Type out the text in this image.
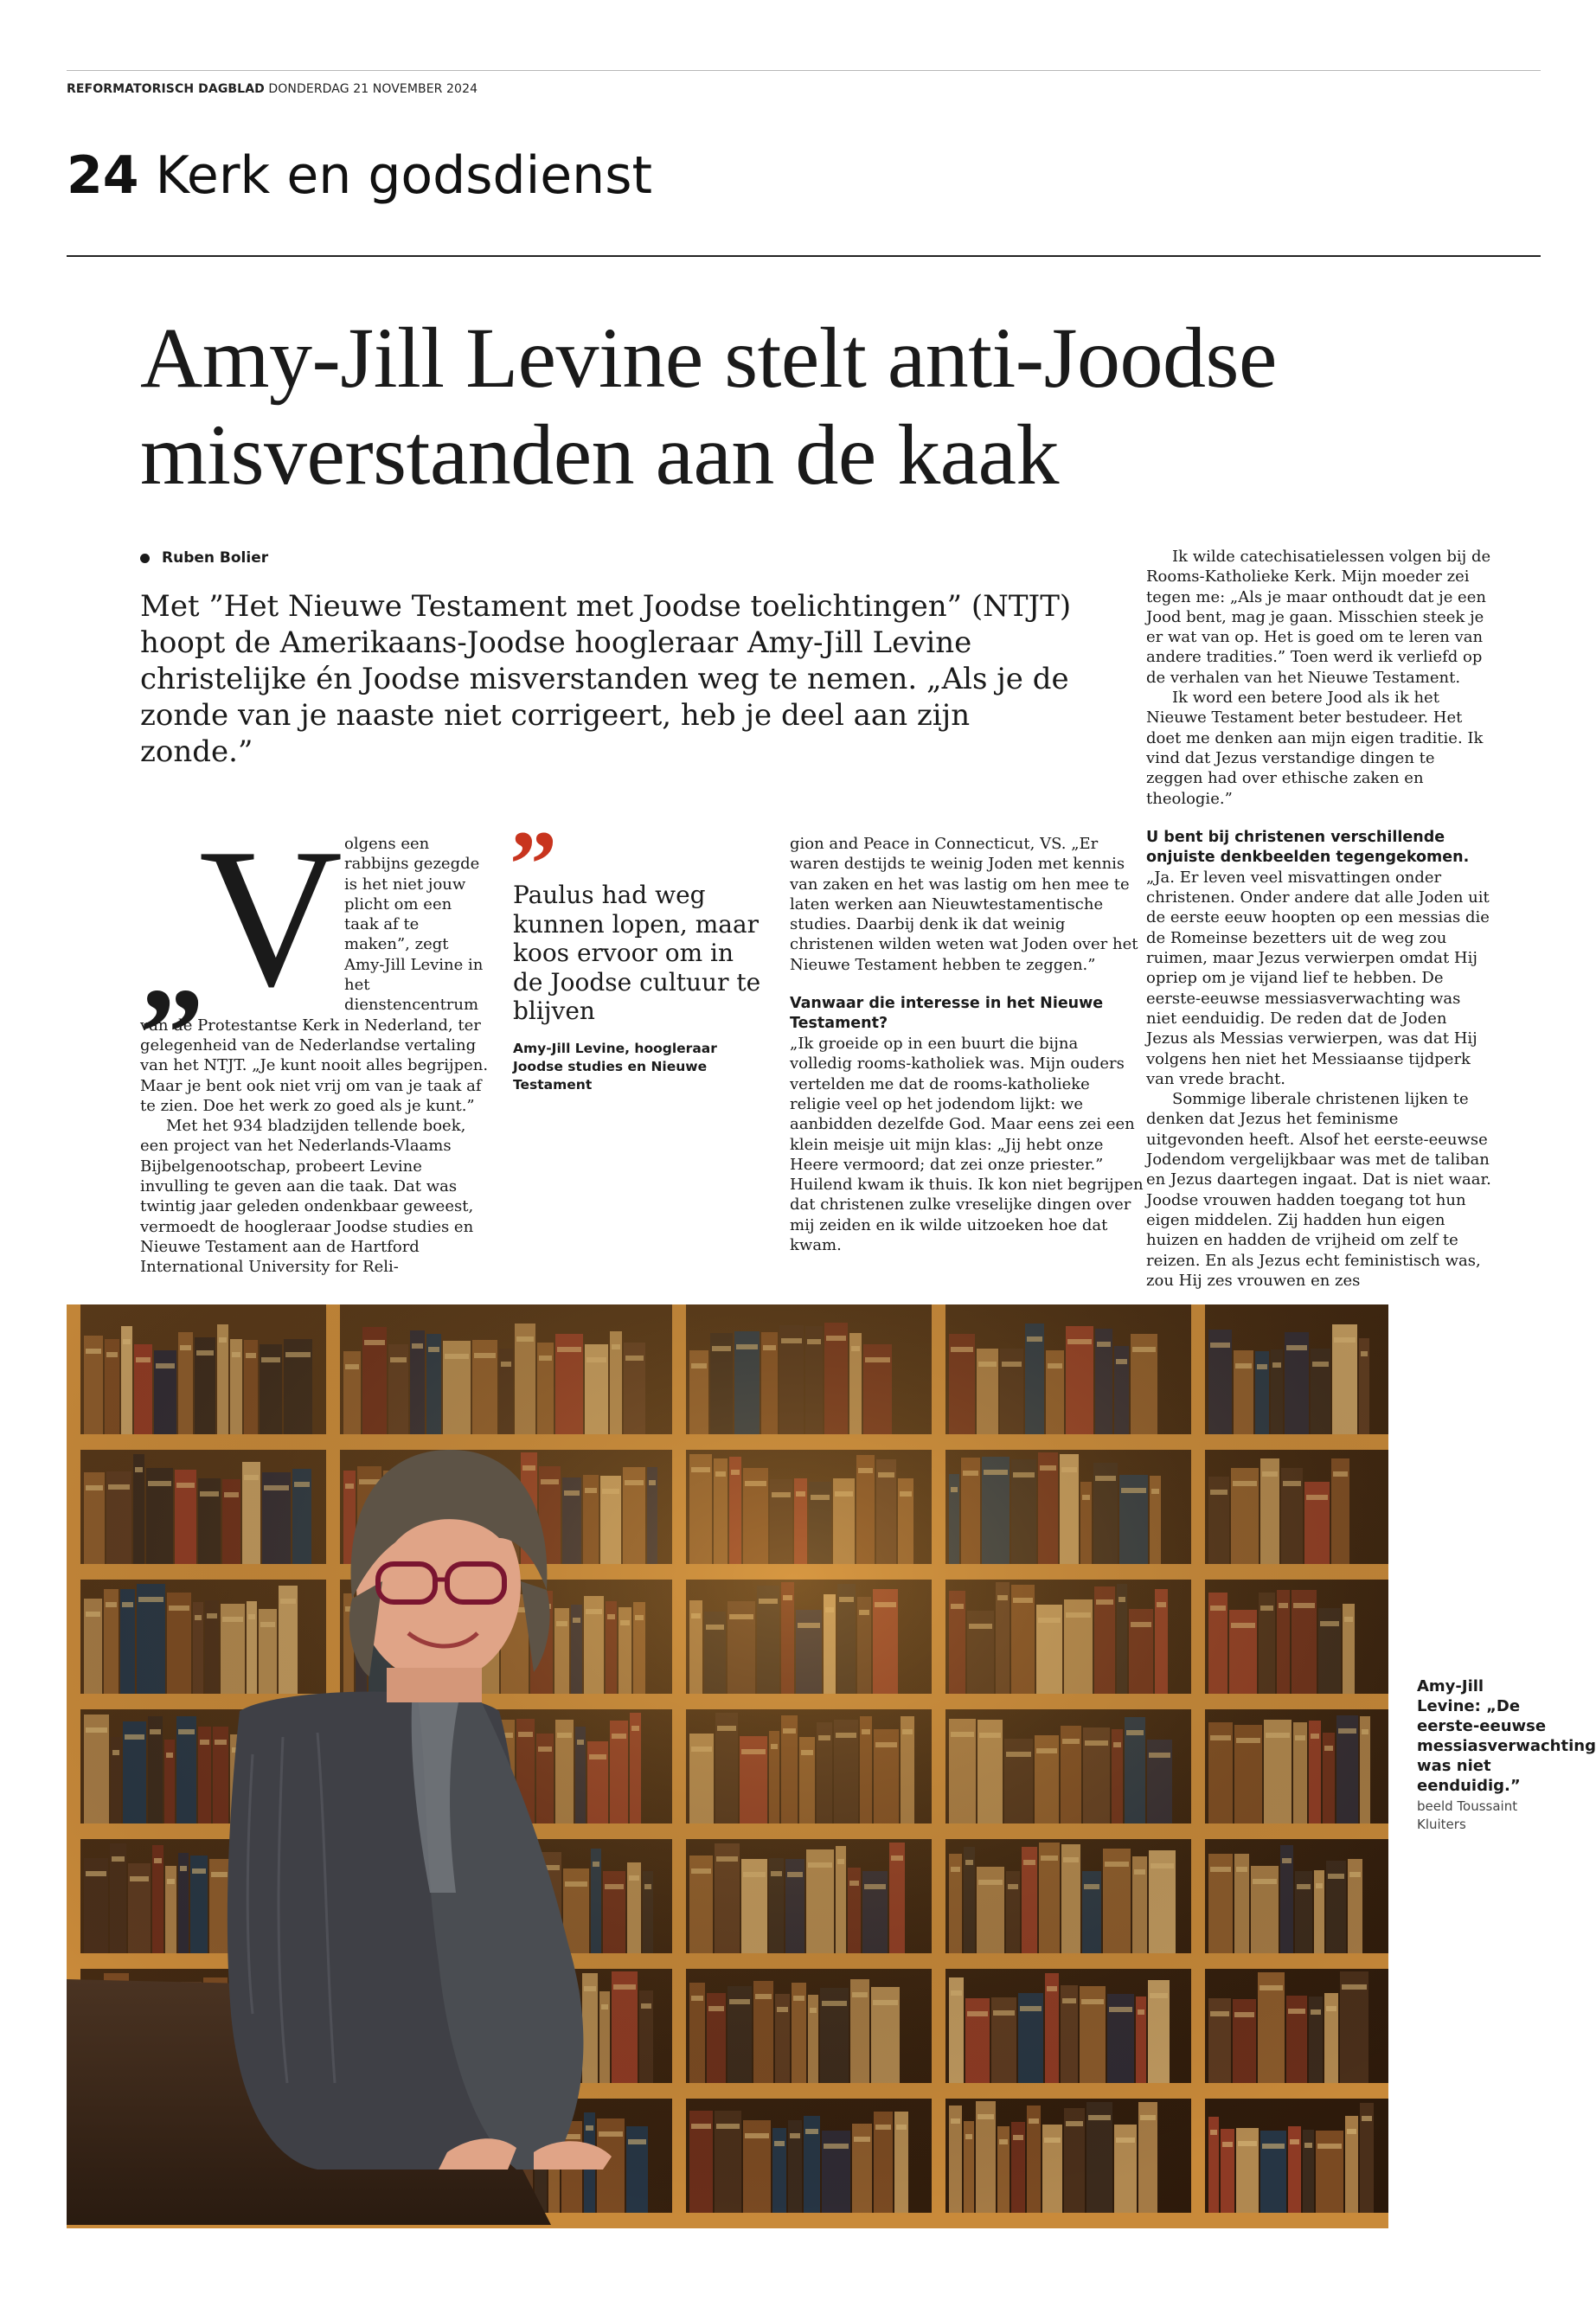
REFORMATORISCH DAGBLAD DONDERDAG 21 NOVEMBER 2024
24 Kerk en godsdienst
Amy-Jill Levine stelt anti-Joodse
misverstanden aan de kaak
Ruben Bolier

Met ”Het Nieuwe Testament met Joodse toelichtingen” (NTJT) hoopt de Amerikaans-Joodse hoogleraar Amy-Jill Levine christelijke én Joodse misverstanden weg te nemen. „Als je de zonde van je naaste niet corrigeert, heb je deel aan zijn zonde.”

„
V olgens een rabbijns gezegde is het niet jouw plicht om een taak af te maken”, zegt Amy-Jill Levine in het dienstencentrum van de Protestantse Kerk in Nederland, ter gelegenheid van de Nederlandse vertaling van het NTJT. „Je kunt nooit alles begrijpen. Maar je bent ook niet vrij om van je taak af te zien. Doe het werk zo goed als je kunt.”

Met het 934 bladzijden tellende boek, een project van het Nederlands-Vlaams Bijbelgenootschap, probeert Levine invulling te geven aan die taak. Dat was twintig jaar geleden ondenkbaar geweest, vermoedt de hoogleraar Joodse studies en Nieuwe Testament aan de Hartford International University for Reli-

”
Paulus had weg kunnen lopen, maar koos ervoor om in de Joodse cultuur te blijven
Amy-Jill Levine, hoogleraar Joodse studies en Nieuwe Testament

gion and Peace in Connecticut, VS. „Er waren destijds te weinig Joden met kennis van zaken en het was lastig om hen mee te laten werken aan Nieuwtestamentische studies. Daarbij denk ik dat weinig christenen wilden weten wat Joden over het Nieuwe Testament hebben te zeggen.”

Vanwaar die interesse in het Nieuwe Testament?

„Ik groeide op in een buurt die bijna volledig rooms-katholiek was. Mijn ouders vertelden me dat de rooms-katholieke religie veel op het jodendom lijkt: we aanbidden dezelfde God. Maar eens zei een klein meisje uit mijn klas: „Jij hebt onze Heere vermoord; dat zei onze priester.” Huilend kwam ik thuis. Ik kon niet begrijpen dat christenen zulke vreselijke dingen over mij zeiden en ik wilde uitzoeken hoe dat kwam.

Ik wilde catechisatielessen volgen bij de Rooms-Katholieke Kerk. Mijn moeder zei tegen me: „Als je maar onthoudt dat je een Jood bent, mag je gaan. Misschien steek je er wat van op. Het is goed om te leren van andere tradities.” Toen werd ik verliefd op de verhalen van het Nieuwe Testament.

Ik word een betere Jood als ik het Nieuwe Testament beter bestudeer. Het doet me denken aan mijn eigen traditie. Ik vind dat Jezus verstandige dingen te zeggen had over ethische zaken en theologie.”

U bent bij christenen verschillende onjuiste denkbeelden tegengekomen.

„Ja. Er leven veel misvattingen onder christenen. Onder andere dat alle Joden uit de eerste eeuw hoopten op een messias die de Romeinse bezetters uit de weg zou ruimen, maar Jezus verwierpen omdat Hij opriep om je vijand lief te hebben. De eerste-eeuwse messiasverwachting was niet eenduidig. De reden dat de Joden Jezus als Messias verwierpen, was dat Hij volgens hen niet het Messiaanse tijdperk van vrede bracht.

Sommige liberale christenen lijken te denken dat Jezus het feminisme uitgevonden heeft. Alsof het eerste-eeuwse Jodendom vergelijkbaar was met de taliban en Jezus daartegen ingaat. Dat is niet waar. Joodse vrouwen hadden toegang tot hun eigen middelen. Zij hadden hun eigen huizen en hadden de vrijheid om zelf te reizen. En als Jezus echt feministisch was, zou Hij zes vrouwen en zes

Amy-Jill Levine: „De eerste-eeuwse messiasverwachting was niet eenduidig.”
beeld Toussaint Kluiters
